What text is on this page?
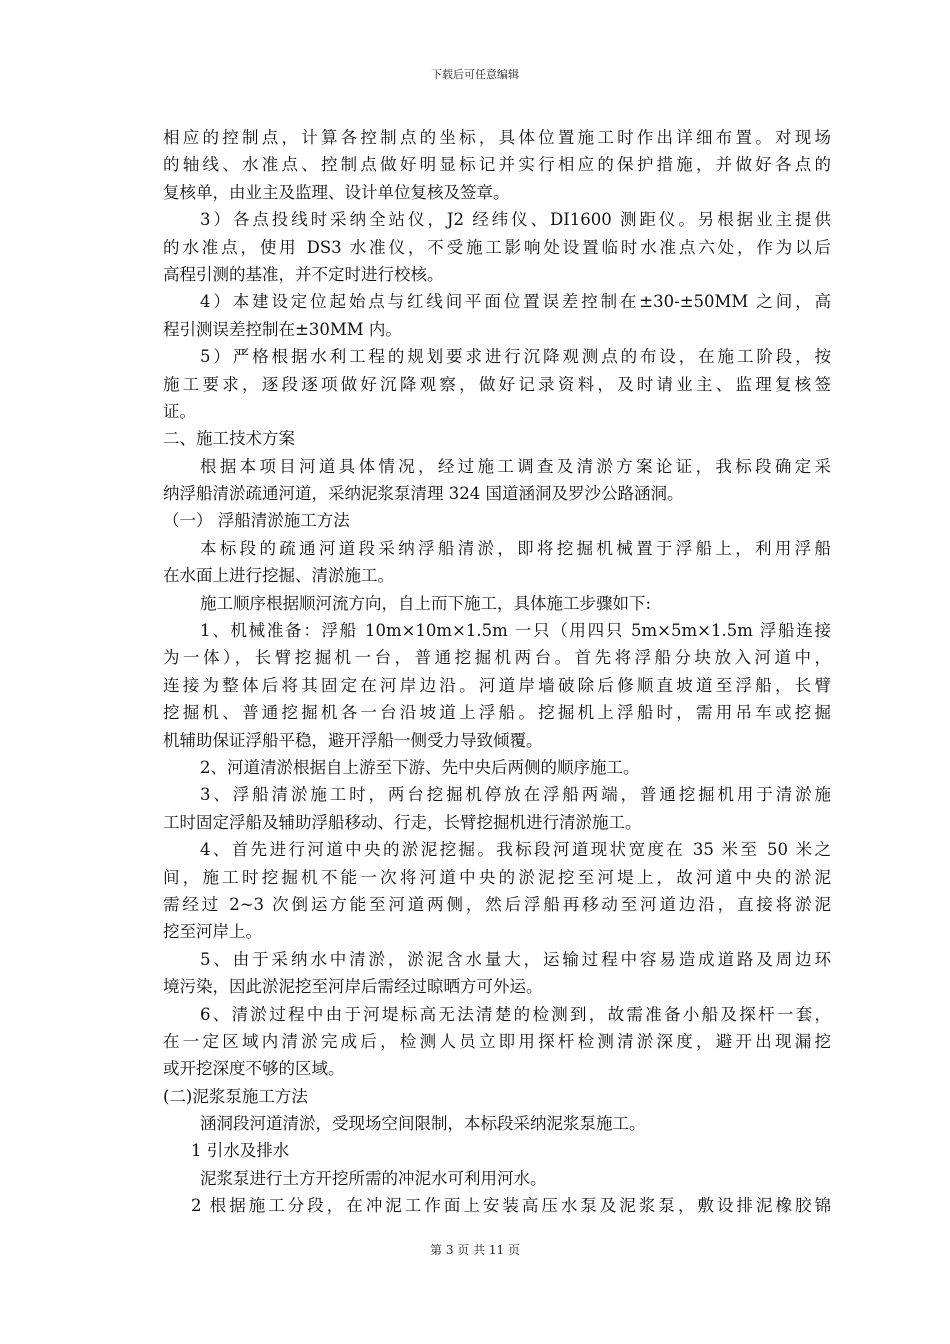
下载后可任意编辑
相应的控制点，计算各控制点的坐标，具体位置施工时作出详细布置。对现场
的轴线、水准点、控制点做好明显标记并实行相应的保护措施，并做好各点的
复核单，由业主及监理、设计单位复核及签章。
3）各点投线时采纳全站仪，J2 经纬仪、DI1600 测距仪。另根据业主提供
的水准点，使用 DS3 水准仪，不受施工影响处设置临时水准点六处，作为以后
高程引测的基准，并不定时进行校核。
4）本建设定位起始点与红线间平面位置误差控制在±30-±50MM 之间，高
程引测误差控制在±30MM 内。
5）严格根据水利工程的规划要求进行沉降观测点的布设，在施工阶段，按
施工要求，逐段逐项做好沉降观察，做好记录资料，及时请业主、监理复核签
证。
二、施工技术方案
根据本项目河道具体情况，经过施工调查及清淤方案论证，我标段确定采
纳浮船清淤疏通河道，采纳泥浆泵清理 324 国道涵洞及罗沙公路涵洞。
（一） 浮船清淤施工方法
本标段的疏通河道段采纳浮船清淤，即将挖掘机械置于浮船上，利用浮船
在水面上进行挖掘、清淤施工。
施工顺序根据顺河流方向，自上而下施工，具体施工步骤如下:
1、机械准备：浮船 10m×10m×1.5m 一只（用四只 5m×5m×1.5m 浮船连接
为一体），长臂挖掘机一台，普通挖掘机两台。首先将浮船分块放入河道中，
连接为整体后将其固定在河岸边沿。河道岸墙破除后修顺直坡道至浮船，长臂
挖掘机、普通挖掘机各一台沿坡道上浮船。挖掘机上浮船时，需用吊车或挖掘
机辅助保证浮船平稳，避开浮船一侧受力导致倾覆。
2、河道清淤根据自上游至下游、先中央后两侧的顺序施工。
3、浮船清淤施工时，两台挖掘机停放在浮船两端，普通挖掘机用于清淤施
工时固定浮船及辅助浮船移动、行走，长臂挖掘机进行清淤施工。
4、首先进行河道中央的淤泥挖掘。我标段河道现状宽度在 35 米至 50 米之
间，施工时挖掘机不能一次将河道中央的淤泥挖至河堤上，故河道中央的淤泥
需经过 2~3 次倒运方能至河道两侧，然后浮船再移动至河道边沿，直接将淤泥
挖至河岸上。
5、由于采纳水中清淤，淤泥含水量大，运输过程中容易造成道路及周边环
境污染，因此淤泥挖至河岸后需经过晾晒方可外运。
6、清淤过程中由于河堤标高无法清楚的检测到，故需准备小船及探杆一套，
在一定区域内清淤完成后，检测人员立即用探杆检测清淤深度，避开出现漏挖
或开挖深度不够的区域。
(二)泥浆泵施工方法
涵洞段河道清淤，受现场空间限制，本标段采纳泥浆泵施工。
1 引水及排水
泥浆泵进行土方开挖所需的冲泥水可利用河水。
2 根据施工分段，在冲泥工作面上安装高压水泵及泥浆泵，敷设排泥橡胶锦
第 3 页 共 11 页
